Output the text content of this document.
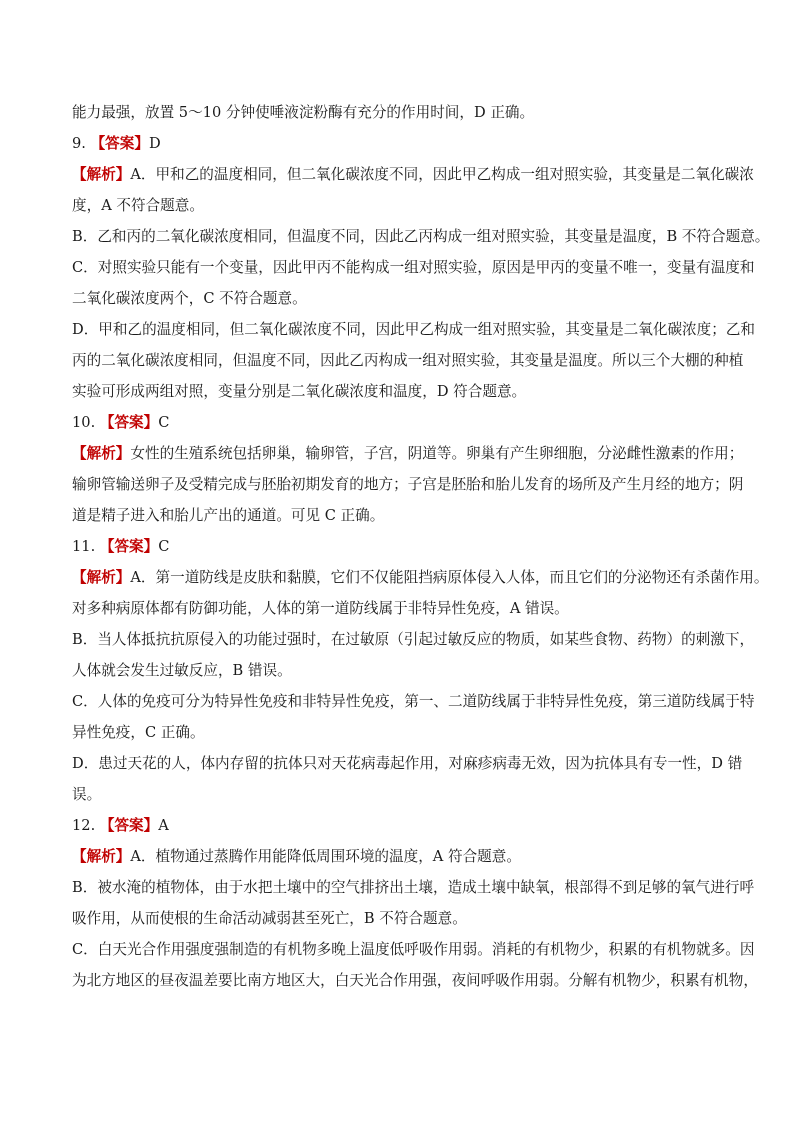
能力最强，放置 5～10 分钟使唾液淀粉酶有充分的作用时间，D 正确。
9. 【答案】D
【解析】A．甲和乙的温度相同，但二氧化碳浓度不同，因此甲乙构成一组对照实验，其变量是二氧化碳浓
度，A 不符合题意。
B．乙和丙的二氧化碳浓度相同，但温度不同，因此乙丙构成一组对照实验，其变量是温度，B 不符合题意。
C．对照实验只能有一个变量，因此甲丙不能构成一组对照实验，原因是甲丙的变量不唯一，变量有温度和
二氧化碳浓度两个，C 不符合题意。
D．甲和乙的温度相同，但二氧化碳浓度不同，因此甲乙构成一组对照实验，其变量是二氧化碳浓度；乙和
丙的二氧化碳浓度相同，但温度不同，因此乙丙构成一组对照实验，其变量是温度。所以三个大棚的种植
实验可形成两组对照，变量分别是二氧化碳浓度和温度，D 符合题意。
10. 【答案】C
【解析】女性的生殖系统包括卵巢，输卵管，子宫，阴道等。卵巢有产生卵细胞，分泌雌性激素的作用；
输卵管输送卵子及受精完成与胚胎初期发育的地方；子宫是胚胎和胎儿发育的场所及产生月经的地方；阴
道是精子进入和胎儿产出的通道。可见 C 正确。
11. 【答案】C
【解析】A．第一道防线是皮肤和黏膜，它们不仅能阻挡病原体侵入人体，而且它们的分泌物还有杀菌作用。
对多种病原体都有防御功能，人体的第一道防线属于非特异性免疫，A 错误。
B．当人体抵抗抗原侵入的功能过强时，在过敏原（引起过敏反应的物质，如某些食物、药物）的刺激下，
人体就会发生过敏反应，B 错误。
C．人体的免疫可分为特异性免疫和非特异性免疫，第一、二道防线属于非特异性免疫，第三道防线属于特
异性免疫，C 正确。
D．患过天花的人，体内存留的抗体只对天花病毒起作用，对麻疹病毒无效，因为抗体具有专一性，D 错
误。
12. 【答案】A
【解析】A．植物通过蒸腾作用能降低周围环境的温度，A 符合题意。
B．被水淹的植物体，由于水把土壤中的空气排挤出土壤，造成土壤中缺氧，根部得不到足够的氧气进行呼
吸作用，从而使根的生命活动减弱甚至死亡，B 不符合题意。
C．白天光合作用强度强制造的有机物多晚上温度低呼吸作用弱。消耗的有机物少，积累的有机物就多。因
为北方地区的昼夜温差要比南方地区大，白天光合作用强，夜间呼吸作用弱。分解有机物少，积累有机物，
